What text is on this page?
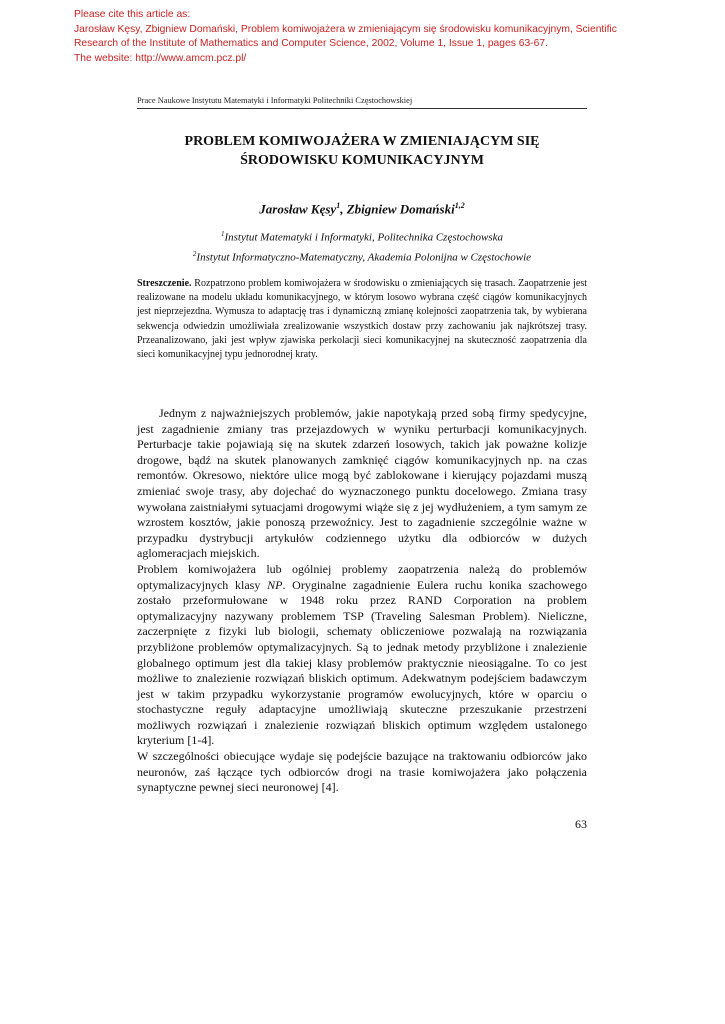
Please cite this article as:
Jarosław Kęsy, Zbigniew Domański, Problem komiwojażera w zmieniającym się środowisku komunikacyjnym, Scientific
Research of the Institute of Mathematics and Computer Science, 2002, Volume 1, Issue 1, pages 63-67.
The website: http://www.amcm.pcz.pl/
Prace Naukowe Instytutu Matematyki i Informatyki Politechniki Częstochowskiej
PROBLEM KOMIWOJAŻERA W ZMIENIAJĄCYM SIĘ
ŚRODOWISKU KOMUNIKACYJNYM
Jarosław Kęsy$^1$, Zbigniew Domański$^{1,2}$
$^1$Instytut Matematyki i Informatyki, Politechnika Częstochowska
$^2$Instytut Informatyczno-Matematyczny, Akademia Polonijna w Częstochowie
Streszczenie. Rozpatrzono problem komiwojażera w środowisku o zmieniających się trasach. Zaopatrzenie jest realizowane na modelu układu komunikacyjnego, w którym losowo wybrana część ciągów komunikacyjnych jest nieprzejezdna. Wymusza to adaptację tras i dynamiczną zmianę kolejności zaopatrzenia tak, by wybierana sekwencja odwiedzin umożliwiała zrealizowanie wszystkich dostaw przy zachowaniu jak najkrótszej trasy. Przeanalizowano, jaki jest wpływ zjawiska perkolacji sieci komunikacyjnej na skuteczność zaopatrzenia dla sieci komunikacyjnej typu jednorodnej kraty.

Jednym z najważniejszych problemów, jakie napotykają przed sobą firmy spedycyjne, jest zagadnienie zmiany tras przejazdowych w wyniku perturbacji komunikacyjnych. Perturbacje takie pojawiają się na skutek zdarzeń losowych, takich jak poważne kolizje drogowe, bądź na skutek planowanych zamknięć ciągów komunikacyjnych np. na czas remontów. Okresowo, niektóre ulice mogą być zablokowane i kierujący pojazdami muszą zmieniać swoje trasy, aby dojechać do wyznaczonego punktu docelowego. Zmiana trasy wywołana zaistniałymi sytuacjami drogowymi wiąże się z jej wydłużeniem, a tym samym ze wzrostem kosztów, jakie ponoszą przewoźnicy. Jest to zagadnienie szczególnie ważne w przypadku dystrybucji artykułów codziennego użytku dla odbiorców w dużych aglomeracjach miejskich.

Problem komiwojażera lub ogólniej problemy zaopatrzenia należą do problemów optymalizacyjnych klasy NP. Oryginalne zagadnienie Eulera ruchu konika szachowego zostało przeformułowane w 1948 roku przez RAND Corporation na problem optymalizacyjny nazywany problemem TSP (Traveling Salesman Problem). Nieliczne, zaczerpnięte z fizyki lub biologii, schematy obliczeniowe pozwalają na rozwiązania przybliżone problemów optymalizacyjnych. Są to jednak metody przybliżone i znalezienie globalnego optimum jest dla takiej klasy problemów praktycznie nieosiągalne. To co jest możliwe to znalezienie rozwiązań bliskich optimum. Adekwatnym podejściem badawczym jest w takim przypadku wykorzystanie programów ewolucyjnych, które w oparciu o stochastyczne reguły adaptacyjne umożliwiają skuteczne przeszukanie przestrzeni możliwych rozwiązań i znalezienie rozwiązań bliskich optimum względem ustalonego kryterium [1-4].

W szczególności obiecujące wydaje się podejście bazujące na traktowaniu odbiorców jako neuronów, zaś łączące tych odbiorców drogi na trasie komiwojażera jako połączenia synaptyczne pewnej sieci neuronowej [4].

63
